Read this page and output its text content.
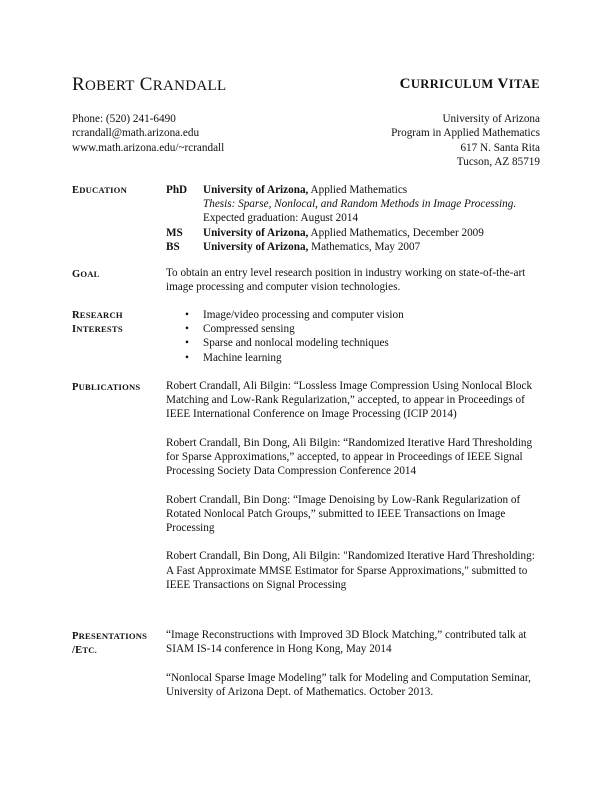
ROBERT CRANDALL	CURRICULUM VITAE
Phone: (520) 241-6490
rcrandall@math.arizona.edu
www.math.arizona.edu/~rcrandall
University of Arizona
Program in Applied Mathematics
617 N. Santa Rita
Tucson, AZ 85719
EDUCATION	PhD University of Arizona, Applied Mathematics
Thesis: Sparse, Nonlocal, and Random Methods in Image Processing.
Expected graduation: August 2014
MS University of Arizona, Applied Mathematics, December 2009
BS University of Arizona, Mathematics, May 2007
GOAL	To obtain an entry level research position in industry working on state-of-the-art image processing and computer vision technologies.
RESEARCH
INTERESTS
• Image/video processing and computer vision
• Compressed sensing
• Sparse and nonlocal modeling techniques
• Machine learning
PUBLICATIONS Robert Crandall, Ali Bilgin: “Lossless Image Compression Using Nonlocal Block Matching and Low-Rank Regularization,” accepted, to appear in Proceedings of IEEE International Conference on Image Processing (ICIP 2014)

Robert Crandall, Bin Dong, Ali Bilgin: “Randomized Iterative Hard Thresholding for Sparse Approximations,” accepted, to appear in Proceedings of IEEE Signal Processing Society Data Compression Conference 2014

Robert Crandall, Bin Dong: “Image Denoising by Low-Rank Regularization of Rotated Nonlocal Patch Groups,” submitted to IEEE Transactions on Image Processing

Robert Crandall, Bin Dong, Ali Bilgin: "Randomized Iterative Hard Thresholding: A Fast Approximate MMSE Estimator for Sparse Approximations," submitted to IEEE Transactions on Signal Processing

PRESENTATIONS
/ETC.

“Image Reconstructions with Improved 3D Block Matching,” contributed talk at SIAM IS-14 conference in Hong Kong, May 2014

“Nonlocal Sparse Image Modeling” talk for Modeling and Computation Seminar, University of Arizona Dept. of Mathematics. October 2013.
